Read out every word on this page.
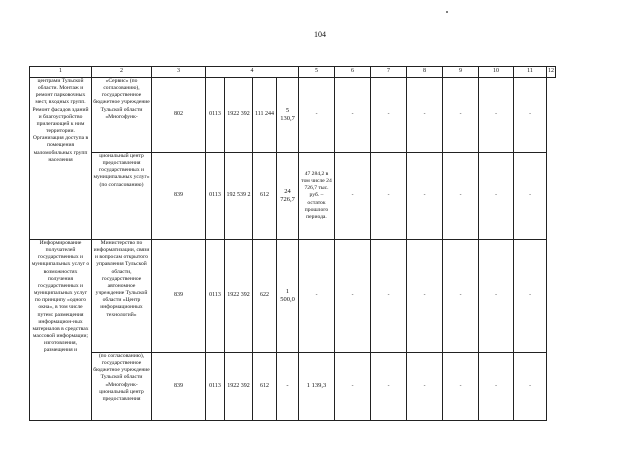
104
1	2	3	4				5	6	7	8	9	10	11	12
центрами Тульской области. Монтаж и ремонт парковочных мест, входных групп. Ремонт фасадов зданий и благоустройство прилегающей к ним территории. Организация доступа в помещения маломобильных групп населения	«Сервис» (по согласованию), государственное бюджетное учреждение Тульской области «Многофунк-	802	0113	1922 392	111 244	5 130,7	-	-	-	-	-	-	-	
	циональный центр предоставления государственных и муниципальных услуг» (по согласованию)	839	0113	192 539 2	612	24 726,7	47 284,2 в том числе 24 726,7 тыс. руб. – остаток прошлого периода.	-	-	-	-	-	-	
Информирование получателей государственных и муниципальных услуг о возможностях получения государственных и муниципальных услуг по принципу «одного окна», в том числе путем: размещения информацион-ных материалов в средствах массовой информации; изготовления, размещения и	Министерство по информатизации, связи и вопросам открытого управления Тульской области, государственное автономное учреждение Тульской области «Центр информационных технологий»	839	0113	1922 392	622	1 500,0	-	-	-	-	-	-	-	
	(по согласованию), государственное бюджетное учреждение Тульской области «Многофунк-циональный центр предоставления	839	0113	1922 392	612	-	1 139,3	-	-	-	-	-	-	
